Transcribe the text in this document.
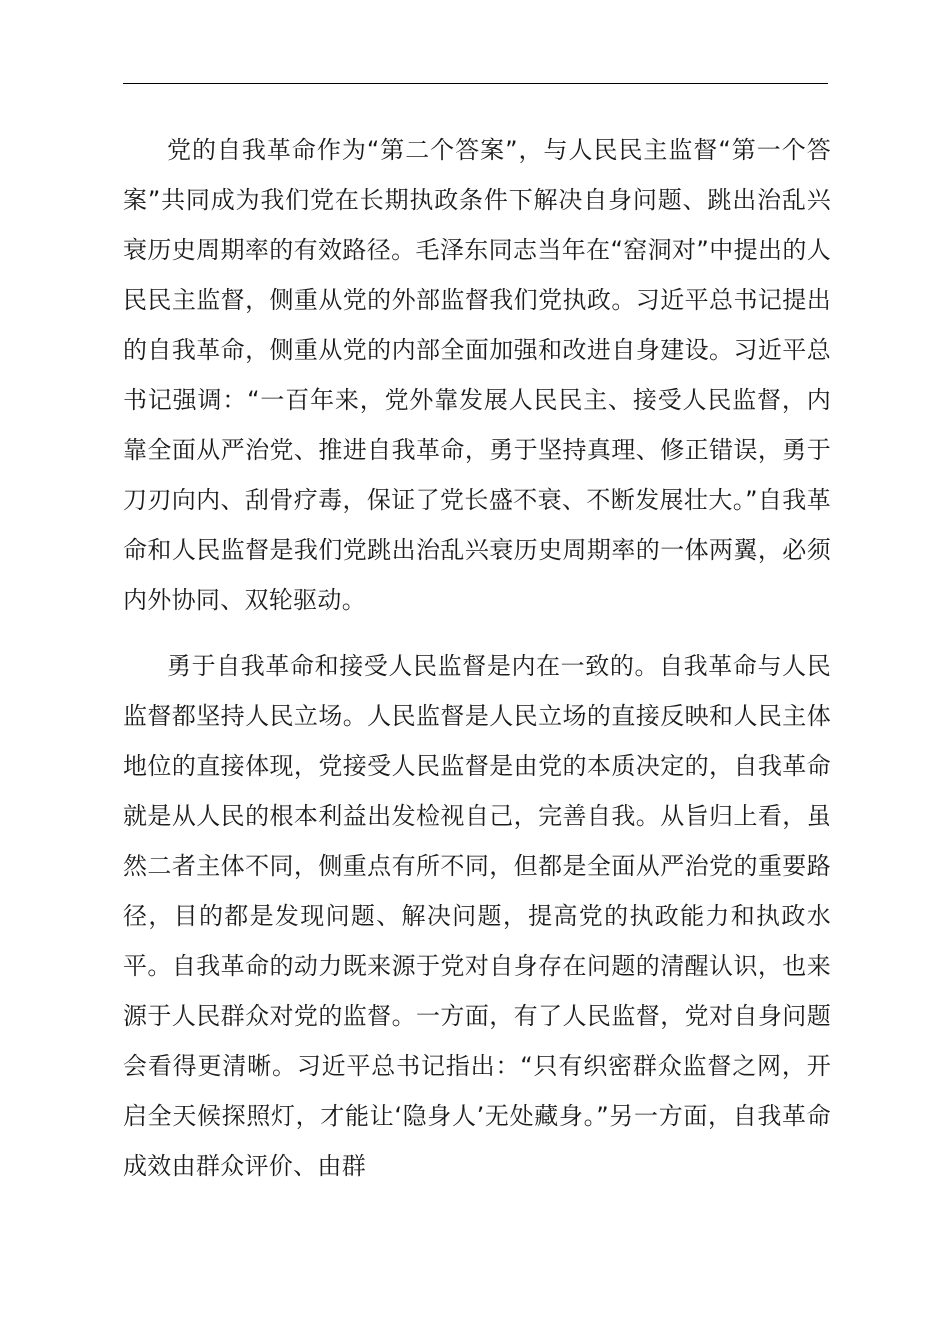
党的自我革命作为“第二个答案”，与人民民主监督“第一个答案”共同成为我们党在长期执政条件下解决自身问题、跳出治乱兴衰历史周期率的有效路径。毛泽东同志当年在“窑洞对”中提出的人民民主监督，侧重从党的外部监督我们党执政。习近平总书记提出的自我革命，侧重从党的内部全面加强和改进自身建设。习近平总书记强调：“一百年来，党外靠发展人民民主、接受人民监督，内靠全面从严治党、推进自我革命，勇于坚持真理、修正错误，勇于刀刃向内、刮骨疗毒，保证了党长盛不衰、不断发展壮大。”自我革命和人民监督是我们党跳出治乱兴衰历史周期率的一体两翼，必须内外协同、双轮驱动。

勇于自我革命和接受人民监督是内在一致的。自我革命与人民监督都坚持人民立场。人民监督是人民立场的直接反映和人民主体地位的直接体现，党接受人民监督是由党的本质决定的，自我革命就是从人民的根本利益出发检视自己，完善自我。从旨归上看，虽然二者主体不同，侧重点有所不同，但都是全面从严治党的重要路径，目的都是发现问题、解决问题，提高党的执政能力和执政水平。自我革命的动力既来源于党对自身存在问题的清醒认识，也来源于人民群众对党的监督。一方面，有了人民监督，党对自身问题会看得更清晰。习近平总书记指出：“只有织密群众监督之网，开启全天候探照灯，才能让‘隐身人’无处藏身。”另一方面，自我革命成效由群众评价、由群
